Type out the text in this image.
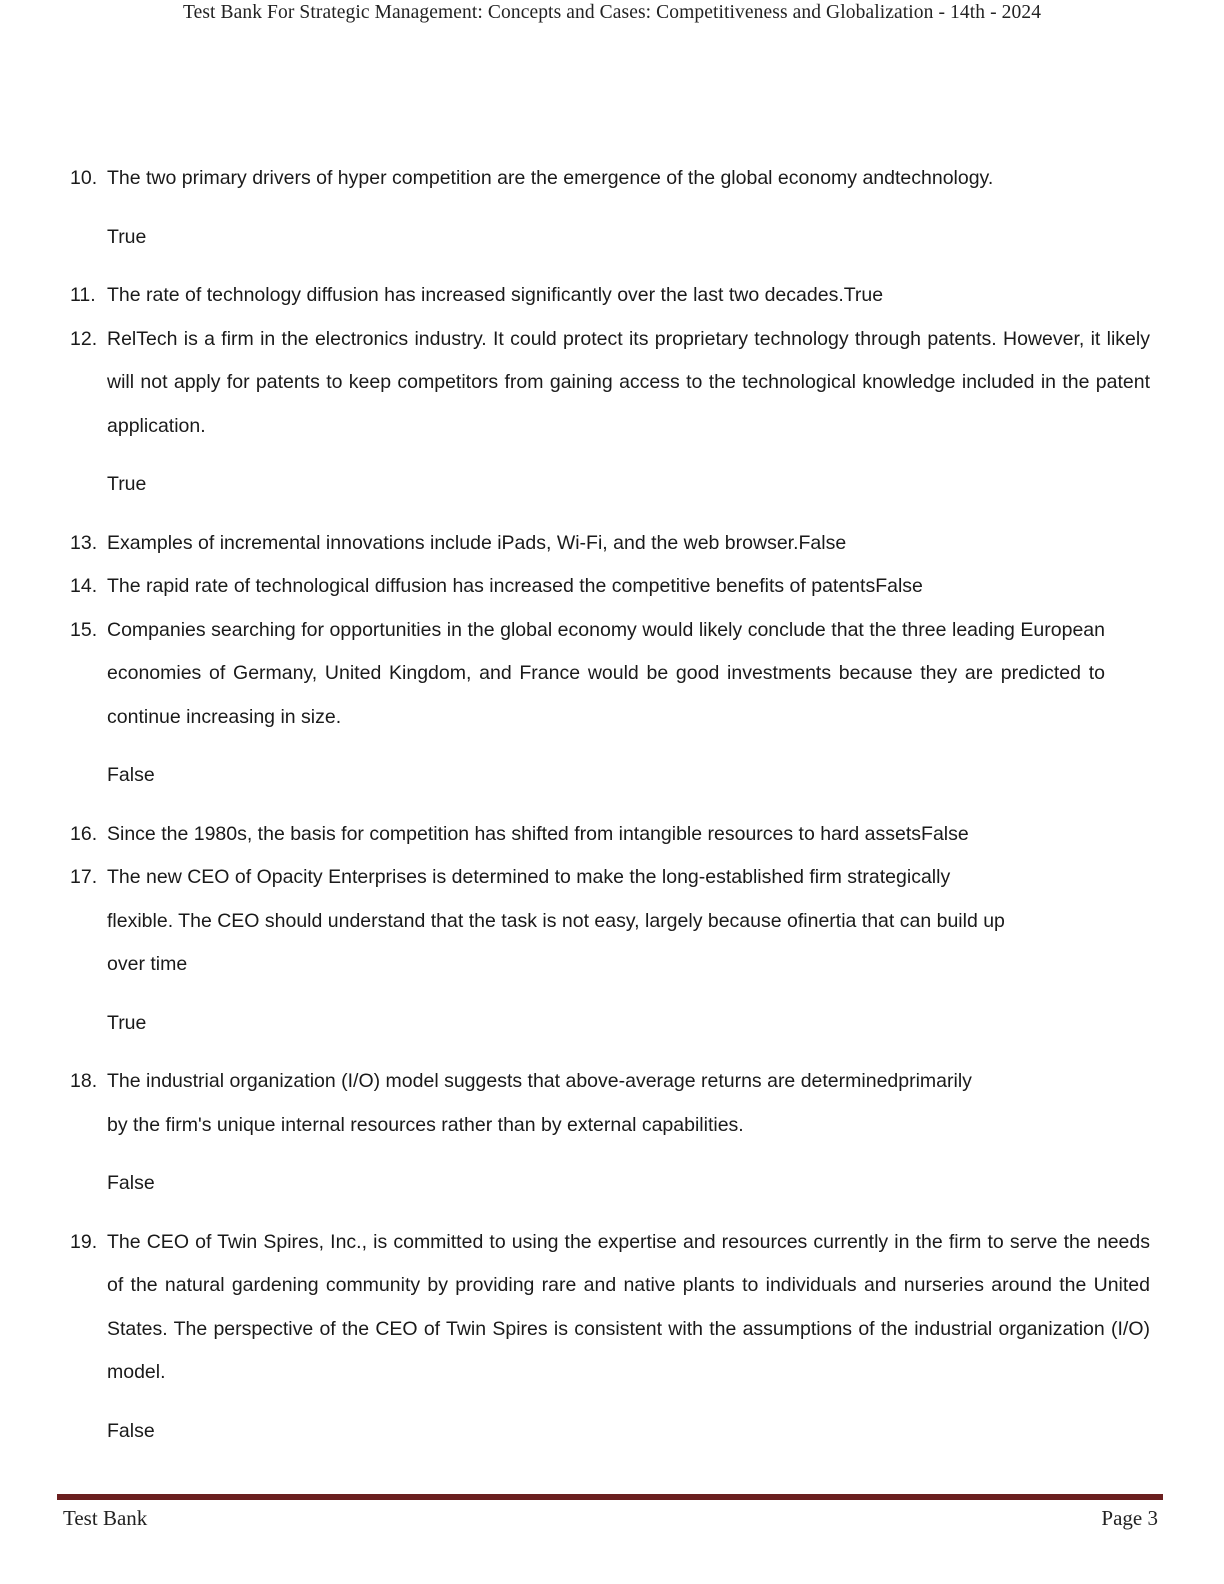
Test Bank For Strategic Management: Concepts and Cases: Competitiveness and Globalization - 14th - 2024
10. The two primary drivers of hyper competition are the emergence of the global economy andtechnology.
True
11. The rate of technology diffusion has increased significantly over the last two decades.True
12. RelTech is a firm in the electronics industry. It could protect its proprietary technology through patents. However, it likely will not apply for patents to keep competitors from gaining access to the technological knowledge included in the patent application.
True
13. Examples of incremental innovations include iPads, Wi-Fi, and the web browser.False
14. The rapid rate of technological diffusion has increased the competitive benefits of patentsFalse
15. Companies searching for opportunities in the global economy would likely conclude that the three leading European economies of Germany, United Kingdom, and France would be good investments because they are predicted to continue increasing in size.
False
16. Since the 1980s, the basis for competition has shifted from intangible resources to hard assetsFalse
17. The new CEO of Opacity Enterprises is determined to make the long-established firm strategically
flexible. The CEO should understand that the task is not easy, largely because ofinertia that can build up
over time
True
18. The industrial organization (I/O) model suggests that above-average returns are determinedprimarily
by the firm's unique internal resources rather than by external capabilities.
False
19. The CEO of Twin Spires, Inc., is committed to using the expertise and resources currently in the firm to serve the needs of the natural gardening community by providing rare and native plants to individuals and nurseries around the United States. The perspective of the CEO of Twin Spires is consistent with the assumptions of the industrial organization (I/O) model.
False
Test Bank	Page 3
